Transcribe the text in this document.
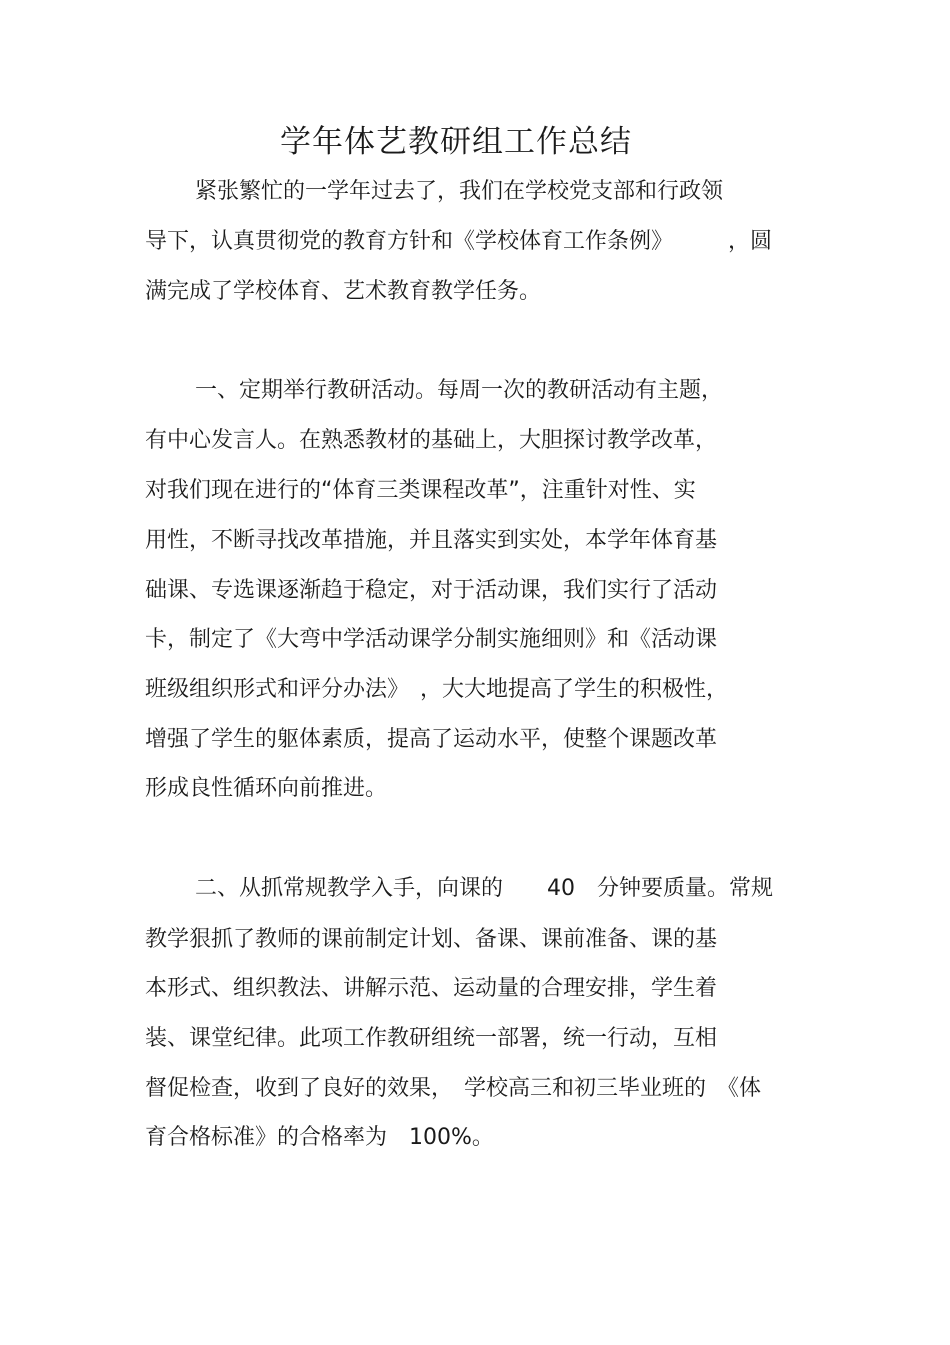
学年体艺教研组工作总结

紧张繁忙的一学年过去了，我们在学校党支部和行政领

导下，认真贯彻党的教育方针和《学校体育工作条例》　　　，圆

满完成了学校体育、艺术教育教学任务。

一、定期举行教研活动。每周一次的教研活动有主题，

有中心发言人。在熟悉教材的基础上，大胆探讨教学改革，

对我们现在进行的“体育三类课程改革”，注重针对性、实

用性，不断寻找改革措施，并且落实到实处，本学年体育基

础课、专选课逐渐趋于稳定，对于活动课，我们实行了活动

卡，制定了《大弯中学活动课学分制实施细则》和《活动课

班级组织形式和评分办法》　，大大地提高了学生的积极性，

增强了学生的躯体素质，提高了运动水平，使整个课题改革

形成良性循环向前推进。

二、从抓常规教学入手，向课的　　40　分钟要质量。常规

教学狠抓了教师的课前制定计划、备课、课前准备、课的基

本形式、组织教法、讲解示范、运动量的合理安排，学生着

装、课堂纪律。此项工作教研组统一部署，统一行动，互相

督促检查，收到了良好的效果，　学校高三和初三毕业班的　《体

育合格标准》的合格率为　100%。
